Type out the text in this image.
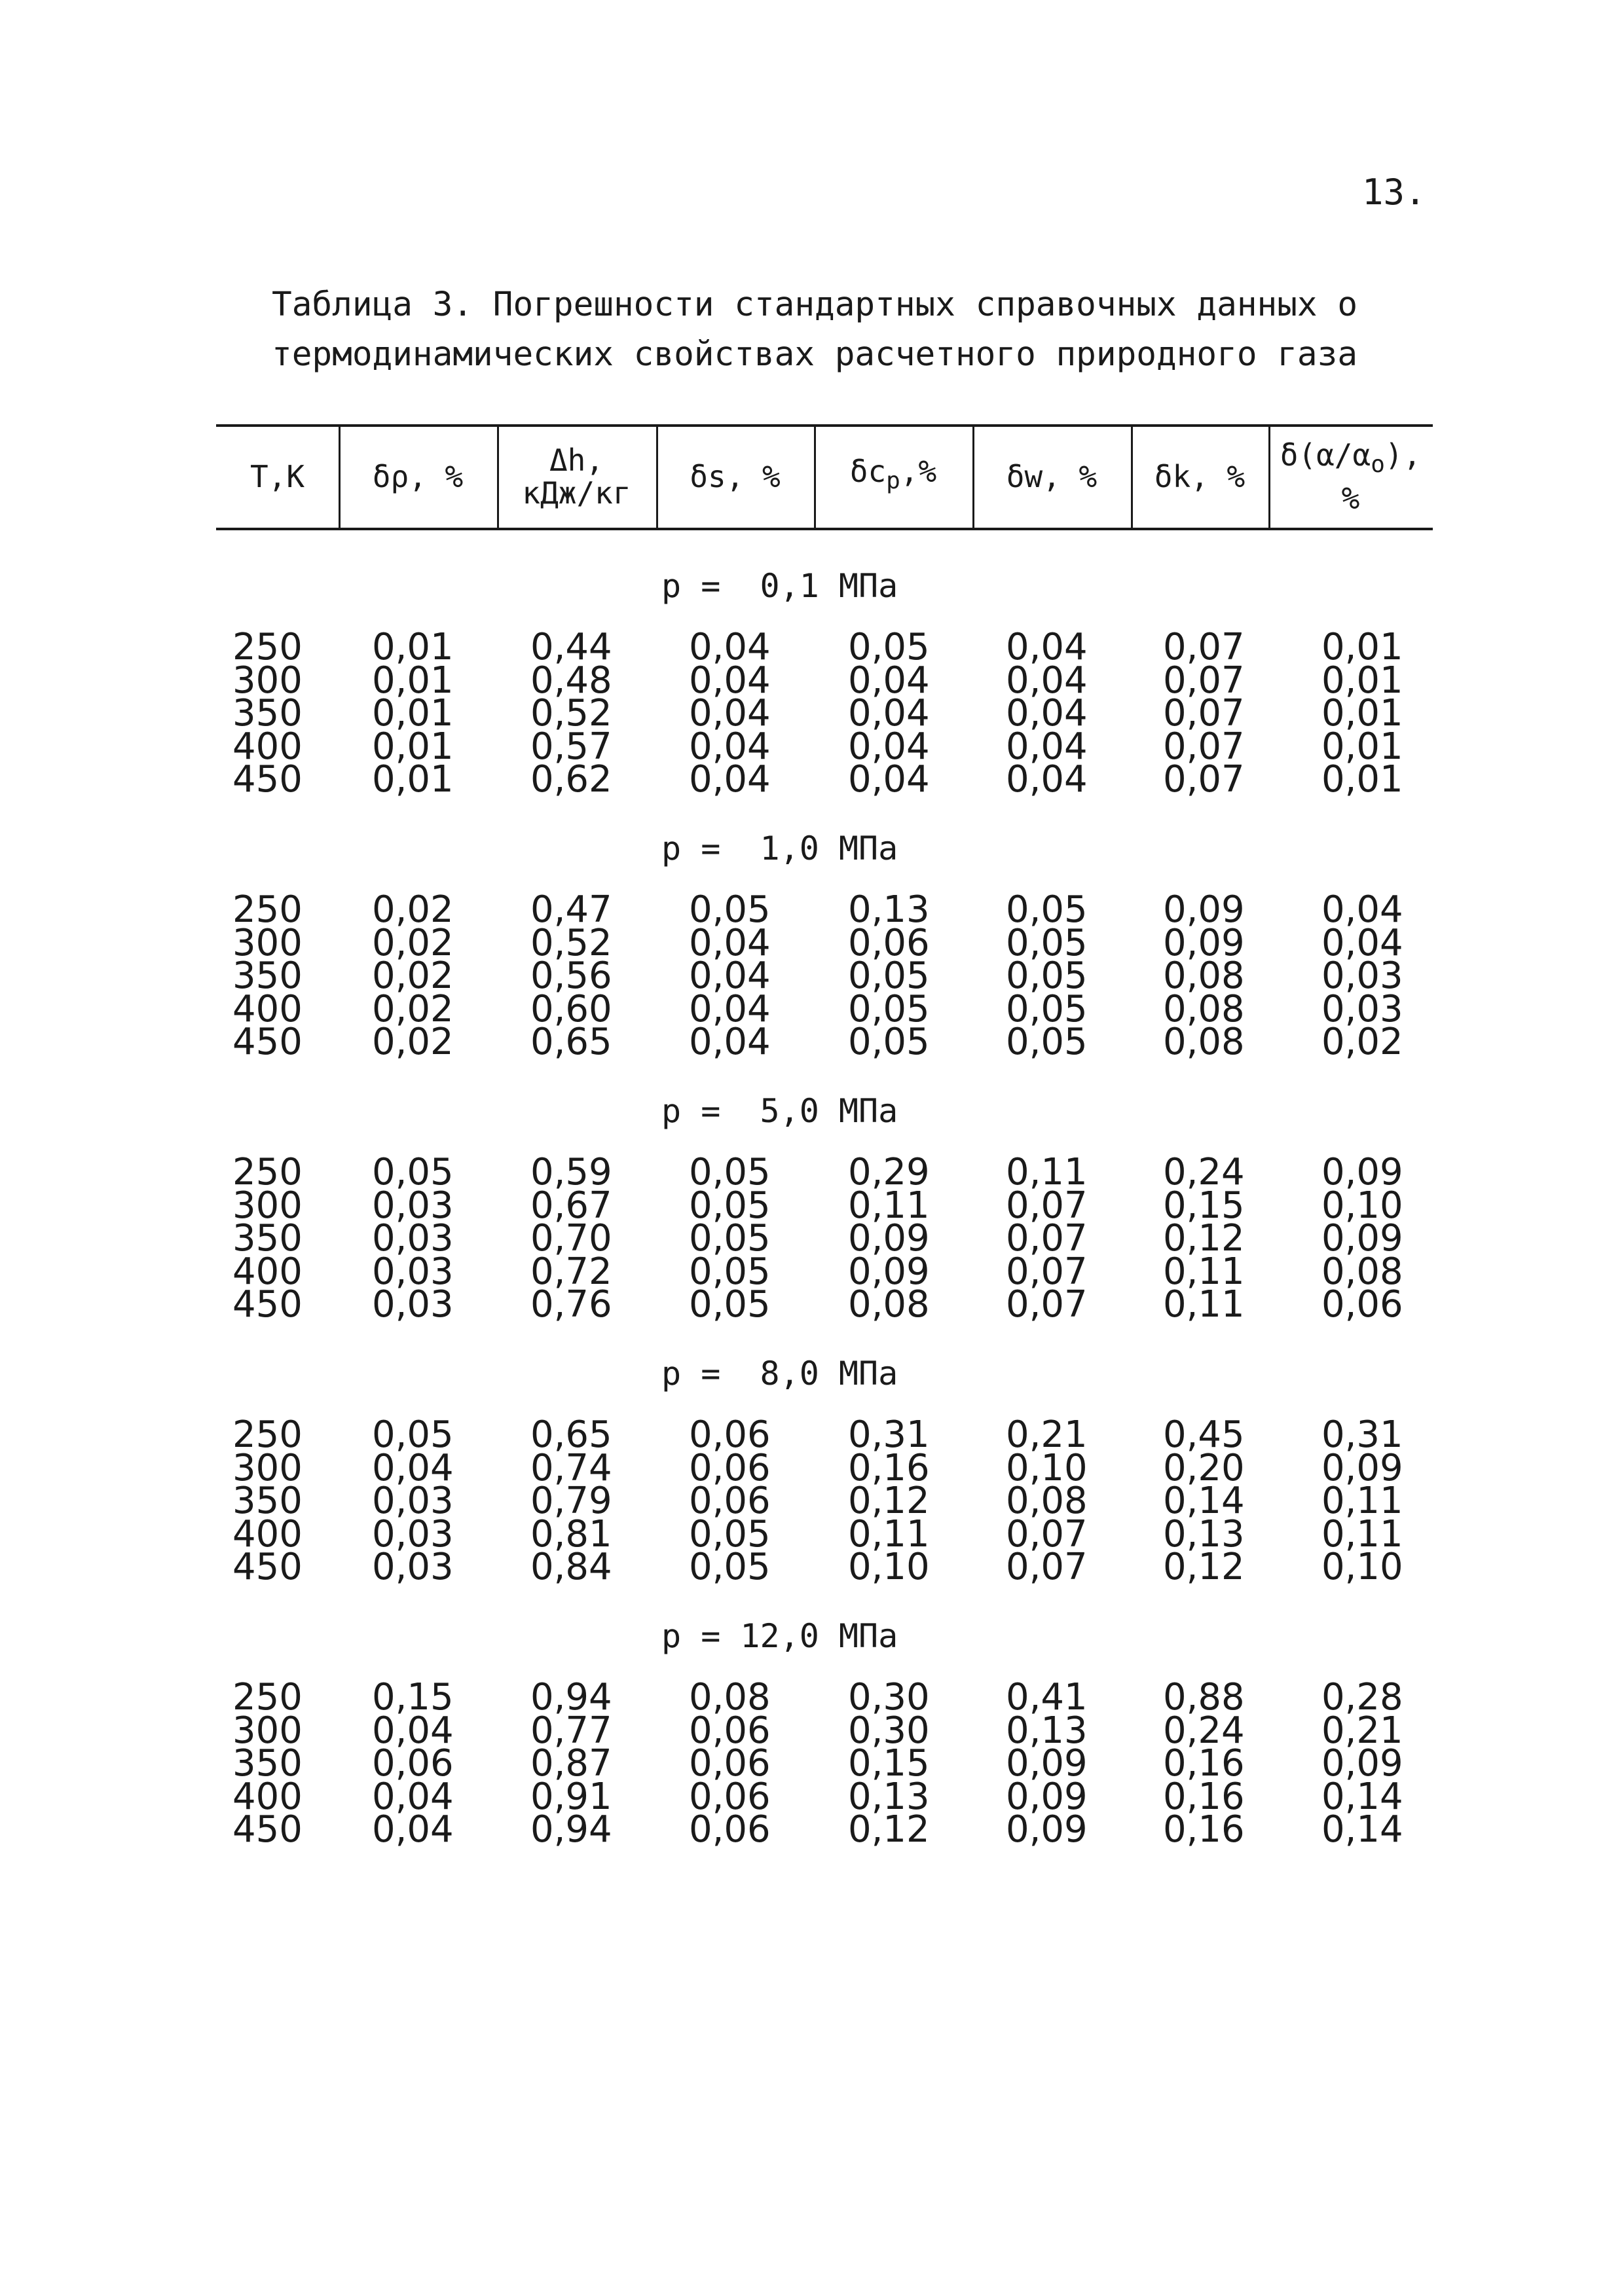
13.
Таблица 3. Погрешности стандартных справочных данных о
термодинамических свойствах расчетного природного газа
Т,К δρ, %	Δh,
кДж/кг δs, % $\delta c_p,\%$ δw, % δk, %
$\delta(\alpha/\alpha_o)$,
%
p =  0,1 МПа
250 0,01 0,44 0,04 0,05 0,04 0,07 0,01
300 0,01 0,48 0,04 0,04 0,04 0,07 0,01
350 0,01 0,52 0,04 0,04 0,04 0,07 0,01
400 0,01 0,57 0,04 0,04 0,04 0,07 0,01
450 0,01 0,62 0,04 0,04 0,04 0,07 0,01
p =  1,0 МПа
250 0,02 0,47 0,05 0,13 0,05 0,09 0,04
300 0,02 0,52 0,04 0,06 0,05 0,09 0,04
350 0,02 0,56 0,04 0,05 0,05 0,08 0,03
400 0,02 0,60 0,04 0,05 0,05 0,08 0,03
450 0,02 0,65 0,04 0,05 0,05 0,08 0,02
p =  5,0 МПа
250 0,05 0,59 0,05 0,29 0,11 0,24 0,09
300 0,03 0,67 0,05 0,11 0,07 0,15 0,10
350 0,03 0,70 0,05 0,09 0,07 0,12 0,09
400 0,03 0,72 0,05 0,09 0,07 0,11 0,08
450 0,03 0,76 0,05 0,08 0,07 0,11 0,06
p =  8,0 МПа
250 0,05 0,65 0,06 0,31 0,21 0,45 0,31
300 0,04 0,74 0,06 0,16 0,10 0,20 0,09
350 0,03 0,79 0,06 0,12 0,08 0,14 0,11
400 0,03 0,81 0,05 0,11 0,07 0,13 0,11
450 0,03 0,84 0,05 0,10 0,07 0,12 0,10
p = 12,0 МПа
250 0,15 0,94 0,08 0,30 0,41 0,88 0,28
300 0,04 0,77 0,06 0,30 0,13 0,24 0,21
350 0,06 0,87 0,06 0,15 0,09 0,16 0,09
400 0,04 0,91 0,06 0,13 0,09 0,16 0,14
450 0,04 0,94 0,06 0,12 0,09 0,16 0,14
